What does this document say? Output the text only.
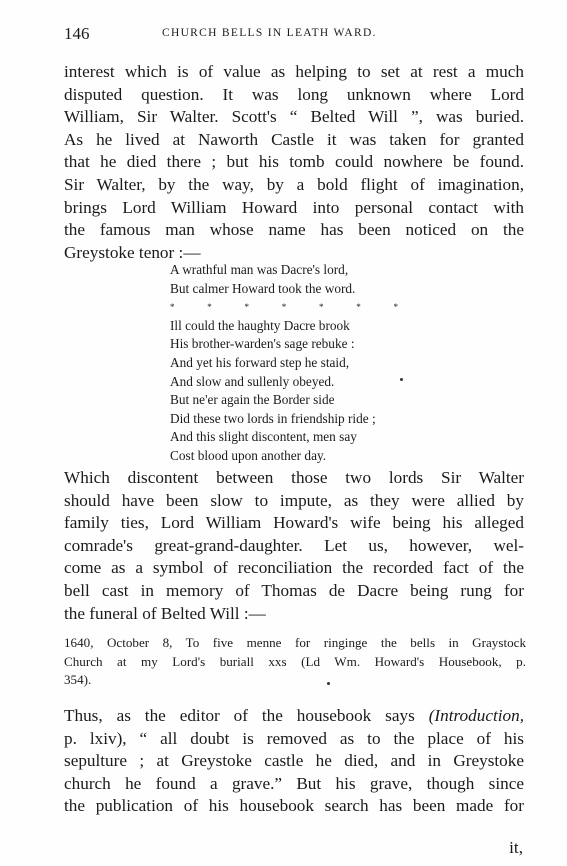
146	CHURCH BELLS IN LEATH WARD.
interest which is of value as helping to set at rest a much
disputed question. It was long unknown where Lord
William, Sir Walter. Scott's “ Belted Will ”, was buried.
As he lived at Naworth Castle it was taken for granted
that he died there ; but his tomb could nowhere be found.
Sir Walter, by the way, by a bold flight of imagination,
brings Lord William Howard into personal contact with
the famous man whose name has been noticed on the
Greystoke tenor :—
A wrathful man was Dacre's lord,
But calmer Howard took the word.
*	*	*	*	*	*	*
Ill could the haughty Dacre brook
His brother-warden's sage rebuke :
And yet his forward step he staid,
And slow and sullenly obeyed.
But ne'er again the Border side
Did these two lords in friendship ride ;
And this slight discontent, men say
Cost blood upon another day.
Which discontent between those two lords Sir Walter
should have been slow to impute, as they were allied by
family ties, Lord William Howard's wife being his alleged
comrade's great-grand-daughter. Let us, however, wel-
come as a symbol of reconciliation the recorded fact of the
bell cast in memory of Thomas de Dacre being rung for
the funeral of Belted Will :—
1640, October 8, To five menne for ringinge the bells in Graystock
Church at my Lord's buriall xxs (Ld Wm. Howard's Housebook, p.
354).
Thus, as the editor of the housebook says (Introduction,
p. lxiv), “ all doubt is removed as to the place of his
sepulture ; at Greystoke castle he died, and in Greystoke
church he found a grave.” But his grave, though since
the publication of his housebook search has been made for
it,
